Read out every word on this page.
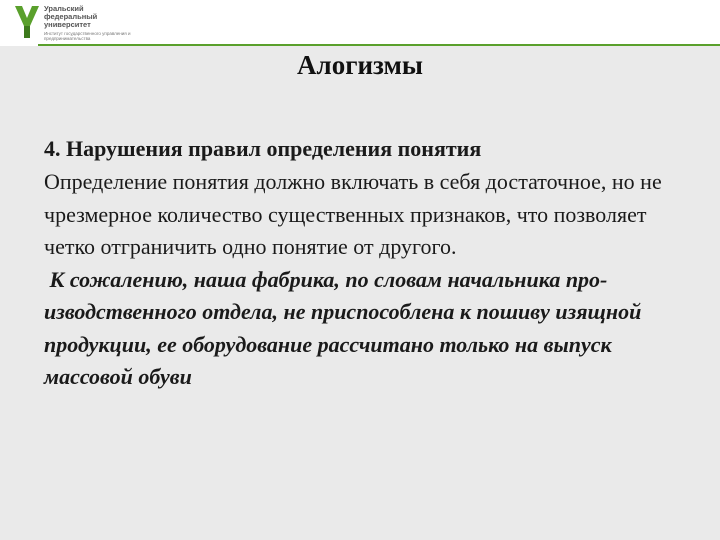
Уральский
федеральный
университет
Институт государственного управления и предпринимательства
Алогизмы

4. Нарушения правил определения понятия

Определение понятия должно включать в себя достаточное, но не чрезмерное количество существенных признаков, что позволяет четко отграничить одно понятие от другого.

К сожалению, наша фабрика, по словам начальника про-изводственного отдела, не приспособлена к пошиву изящной продукции, ее оборудование рассчитано только на выпуск массовой обуви
